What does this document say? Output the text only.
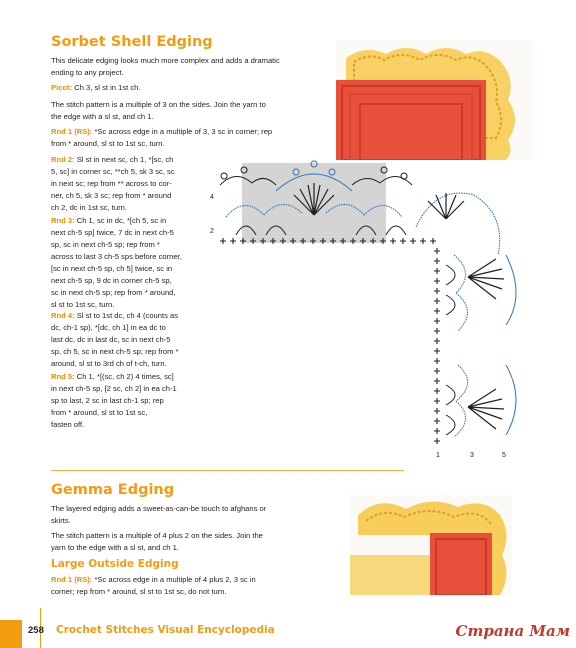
Sorbet Shell Edging
This delicate edging looks much more complex and adds a dramatic
ending to any project.
Picot: Ch 3, sl st in 1st ch.
The stitch pattern is a multiple of 3 on the sides. Join the yarn to
the edge with a sl st, and ch 1.
Rnd 1 (RS): *Sc across edge in a multiple of 3, 3 sc in corner; rep
from * around, sl st to 1st sc, turn.
Rnd 2: Sl st in next sc, ch 1, *[sc, ch
5, sc] in corner sc, **ch 5, sk 3 sc, sc
in next sc; rep from ** across to cor-
ner, ch 5, sk 3 sc; rep from * around
ch 2, dc in 1st sc, turn.
Rnd 3: Ch 1, sc in dc, *[ch 5, sc in
next ch-5 sp] twice, 7 dc in next ch-5
sp, sc in next ch-5 sp; rep from *
across to last 3 ch-5 sps before corner,
[sc in next ch-5 sp, ch 5] twice, sc in
next ch-5 sp, 9 dc in corner ch-5 sp,
sc in next ch-5 sp; rep from * around,
sl st to 1st sc, turn.
Rnd 4: Sl st to 1st dc, ch 4 (counts as
dc, ch-1 sp), *[dc, ch 1] in ea dc to
last dc, dc in last dc, sc in next ch-5
sp, ch 5, sc in next ch-5 sp; rep from *
around, sl st to 3rd ch of t-ch, turn.
Rnd 5: Ch 1, *[(sc, ch 2) 4 times, sc]
in next ch-5 sp, [2 sc, ch 2] in ea ch-1
sp to last, 2 sc in last ch-1 sp; rep
from * around, sl st to 1st sc,
fasten off.
4
2
1	3	5
Gemma Edging
The layered edging adds a sweet-as-can-be touch to afghans or
skirts.
The stitch pattern is a multiple of 4 plus 2 on the sides. Join the
yarn to the edge with a sl st, and ch 1.
Large Outside Edging
Rnd 1 (RS): *Sc across edge in a multiple of 4 plus 2, 3 sc in
corner; rep from * around, sl st to 1st sc, do not turn.
258 Crochet Stitches Visual Encyclopedia	Страна Мам
